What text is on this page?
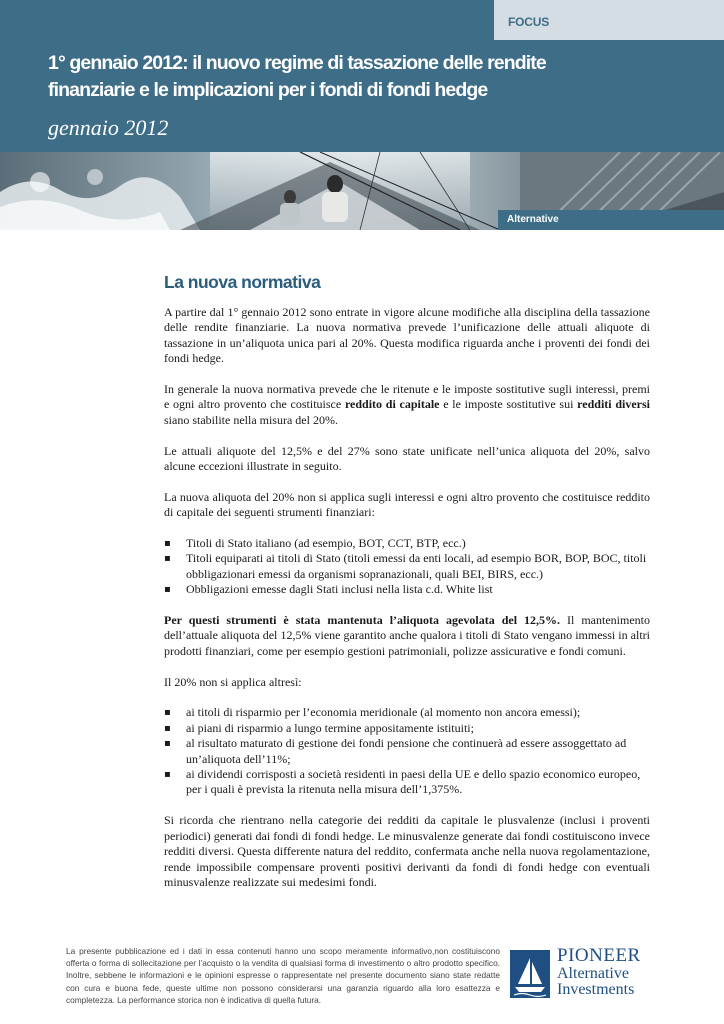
FOCUS
1° gennaio 2012: il nuovo regime di tassazione delle rendite
finanziarie e le implicazioni per i fondi di fondi hedge
gennaio 2012
Alternative
La nuova normativa

A partire dal 1° gennaio 2012 sono entrate in vigore alcune modifiche alla disciplina della tassazione delle rendite finanziarie. La nuova normativa prevede l’unificazione delle attuali aliquote di tassazione in un’aliquota unica pari al 20%. Questa modifica riguarda anche i proventi dei fondi dei fondi hedge.

In generale la nuova normativa prevede che le ritenute e le imposte sostitutive sugli interessi, premi e ogni altro provento che costituisce reddito di capitale e le imposte sostitutive sui redditi diversi siano stabilite nella misura del 20%.

Le attuali aliquote del 12,5% e del 27% sono state unificate nell’unica aliquota del 20%, salvo alcune eccezioni illustrate in seguito.

La nuova aliquota del 20% non si applica sugli interessi e ogni altro provento che costituisce reddito di capitale dei seguenti strumenti finanziari:

▪ Titoli di Stato italiano (ad esempio, BOT, CCT, BTP, ecc.)
▪ Titoli equiparati ai titoli di Stato (titoli emessi da enti locali, ad esempio BOR, BOP, BOC, titoli obbligazionari emessi da organismi sopranazionali, quali BEI, BIRS, ecc.)
▪ Obbligazioni emesse dagli Stati inclusi nella lista c.d. White list

Per questi strumenti è stata mantenuta l’aliquota agevolata del 12,5%. Il mantenimento dell’attuale aliquota del 12,5% viene garantito anche qualora i titoli di Stato vengano immessi in altri prodotti finanziari, come per esempio gestioni patrimoniali, polizze assicurative e fondi comuni.

Il 20% non si applica altresì:

▪ ai titoli di risparmio per l’economia meridionale (al momento non ancora emessi);
▪ ai piani di risparmio a lungo termine appositamente istituiti;
▪ al risultato maturato di gestione dei fondi pensione che continuerà ad essere assoggettato ad un’aliquota dell’11%;
▪ ai dividendi corrisposti a società residenti in paesi della UE e dello spazio economico europeo, per i quali è prevista la ritenuta nella misura dell’1,375%.

Si ricorda che rientrano nella categorie dei redditi da capitale le plusvalenze (inclusi i proventi periodici) generati dai fondi di fondi hedge. Le minusvalenze generate dai fondi costituiscono invece redditi diversi. Questa differente natura del reddito, confermata anche nella nuova regolamentazione, rende impossibile compensare proventi positivi derivanti da fondi di fondi hedge con eventuali minusvalenze realizzate sui medesimi fondi.

La presente pubblicazione ed i dati in essa contenuti hanno uno scopo meramente informativo,non costituiscono offerta o forma di sollecitazione per l’acquisto o la vendita di qualsiasi forma di investimento o altro prodotto specifico. Inoltre, sebbene le informazioni e le opinioni espresse o rappresentate nel presente documento siano state redatte con cura e buona fede, queste ultime non possono considerarsi una garanzia riguardo alla loro esattezza e completezza. La performance storica non è indicativa di quella futura.
PIONEER
Alternative
Investments
